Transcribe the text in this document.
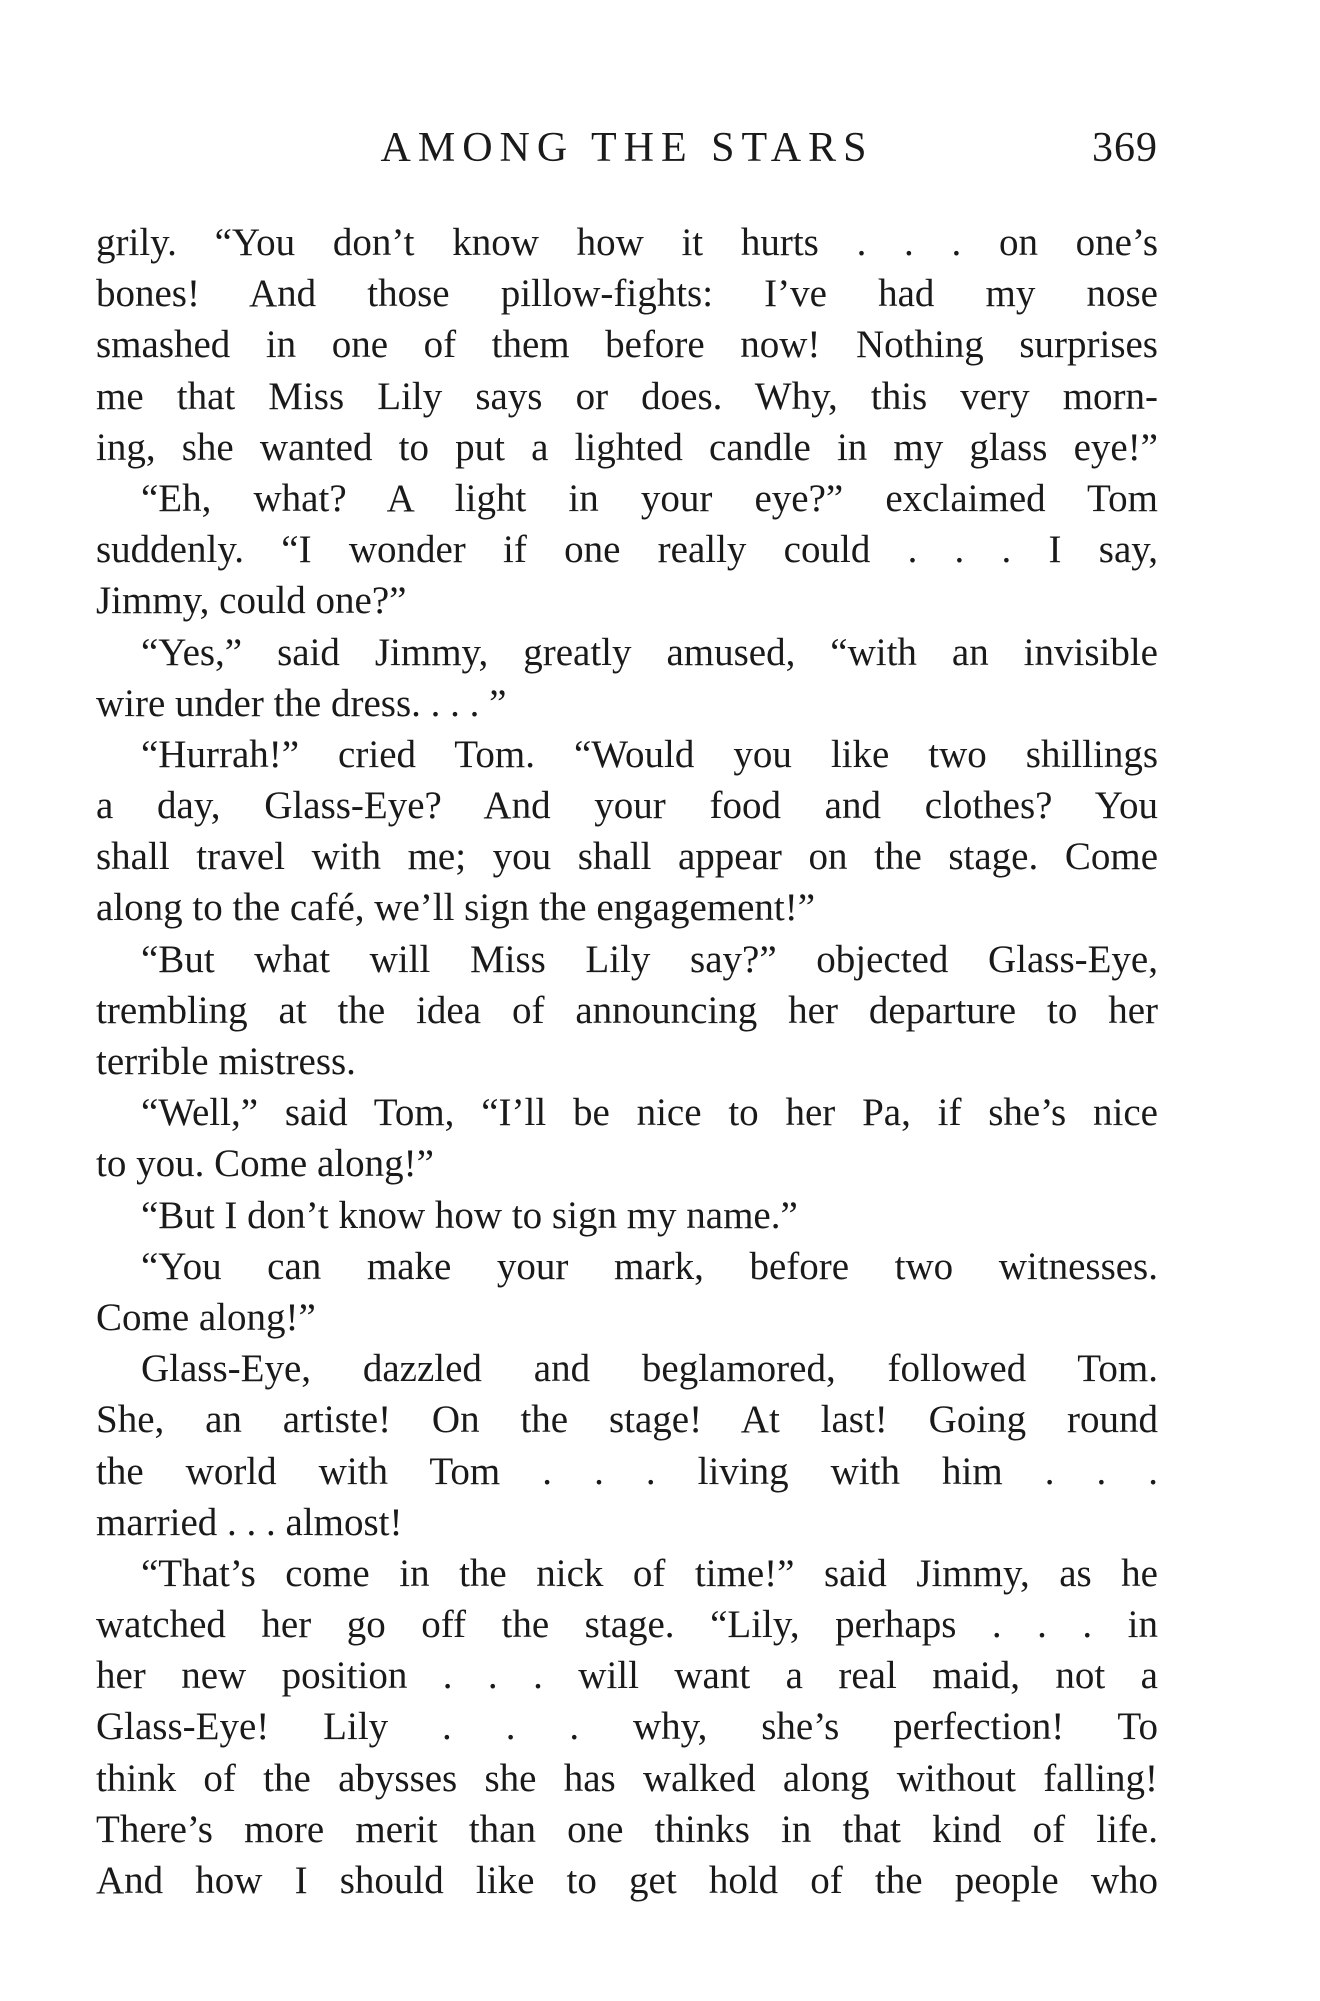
AMONG THE STARS	369
grily. “You don’t know how it hurts . . . on one’s
bones! And those pillow-fights: I’ve had my nose
smashed in one of them before now! Nothing surprises
me that Miss Lily says or does. Why, this very morn-
ing, she wanted to put a lighted candle in my glass eye!”
“Eh, what? A light in your eye?” exclaimed Tom
suddenly. “I wonder if one really could . . . I say,
Jimmy, could one?”
“Yes,” said Jimmy, greatly amused, “with an invisible
wire under the dress. . . . ”
“Hurrah!” cried Tom. “Would you like two shillings
a day, Glass-Eye? And your food and clothes? You
shall travel with me; you shall appear on the stage. Come
along to the café, we’ll sign the engagement!”
“But what will Miss Lily say?” objected Glass-Eye,
trembling at the idea of announcing her departure to her
terrible mistress.
“Well,” said Tom, “I’ll be nice to her Pa, if she’s nice
to you. Come along!”
“But I don’t know how to sign my name.”
“You can make your mark, before two witnesses.
Come along!”
Glass-Eye, dazzled and beglamored, followed Tom.
She, an artiste! On the stage! At last! Going round
the world with Tom . . . living with him . . .
married . . . almost!
“That’s come in the nick of time!” said Jimmy, as he
watched her go off the stage. “Lily, perhaps . . . in
her new position . . . will want a real maid, not a
Glass-Eye! Lily . . . why, she’s perfection! To
think of the abysses she has walked along without falling!
There’s more merit than one thinks in that kind of life.
And how I should like to get hold of the people who
